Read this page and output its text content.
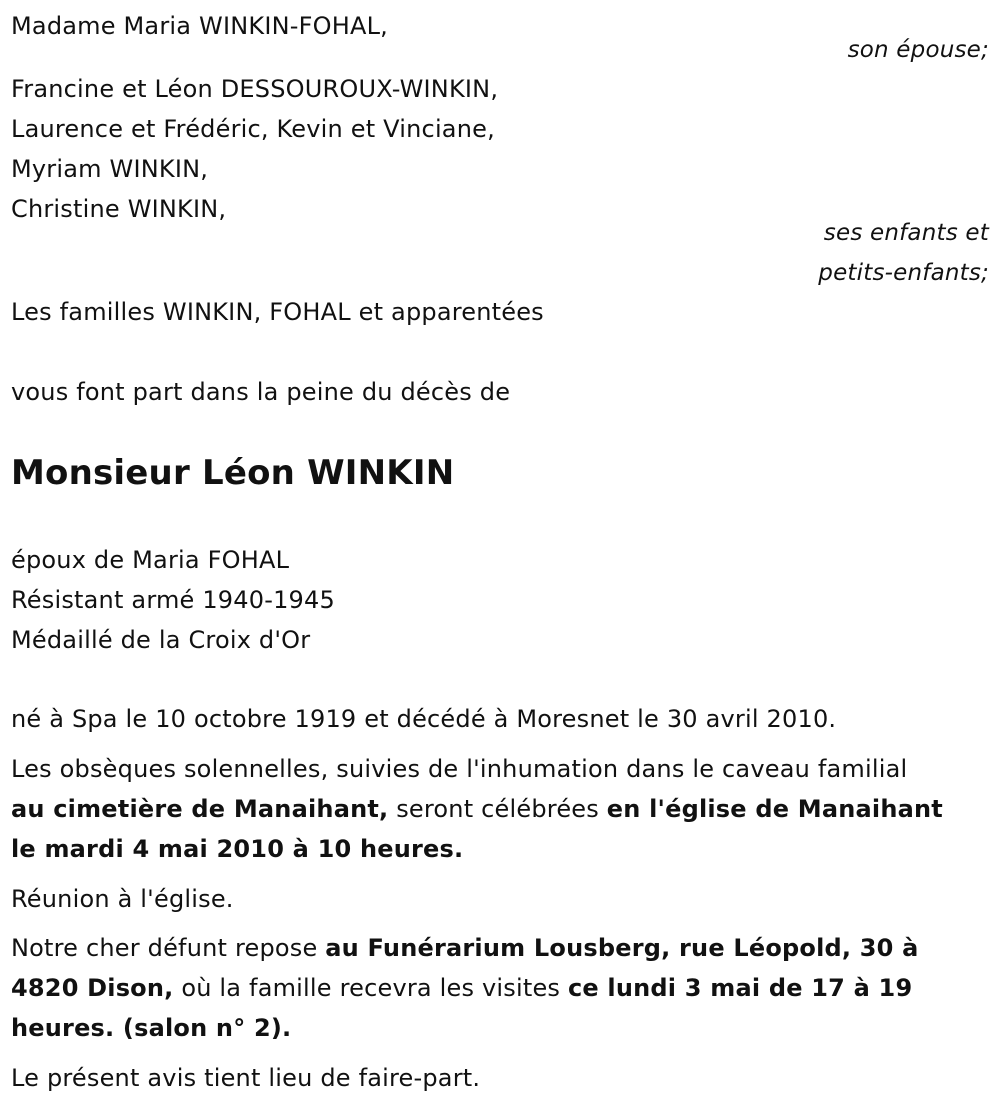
Madame Maria WINKIN-FOHAL,
son épouse;
Francine et Léon DESSOUROUX-WINKIN,
Laurence et Frédéric, Kevin et Vinciane,
Myriam WINKIN,
Christine WINKIN,
ses enfants et
petits-enfants;
Les familles WINKIN, FOHAL et apparentées
vous font part dans la peine du décès de
Monsieur Léon WINKIN
époux de Maria FOHAL
Résistant armé 1940-1945
Médaillé de la Croix d'Or
né à Spa le 10 octobre 1919 et décédé à Moresnet le 30 avril 2010.
Les obsèques solennelles, suivies de l'inhumation dans le caveau familial
au cimetière de Manaihant, seront célébrées en l'église de Manaihant
le mardi 4 mai 2010 à 10 heures.
Réunion à l'église.
Notre cher défunt repose au Funérarium Lousberg, rue Léopold, 30 à
4820 Dison, où la famille recevra les visites ce lundi 3 mai de 17 à 19
heures. (salon n° 2).
Le présent avis tient lieu de faire-part.
